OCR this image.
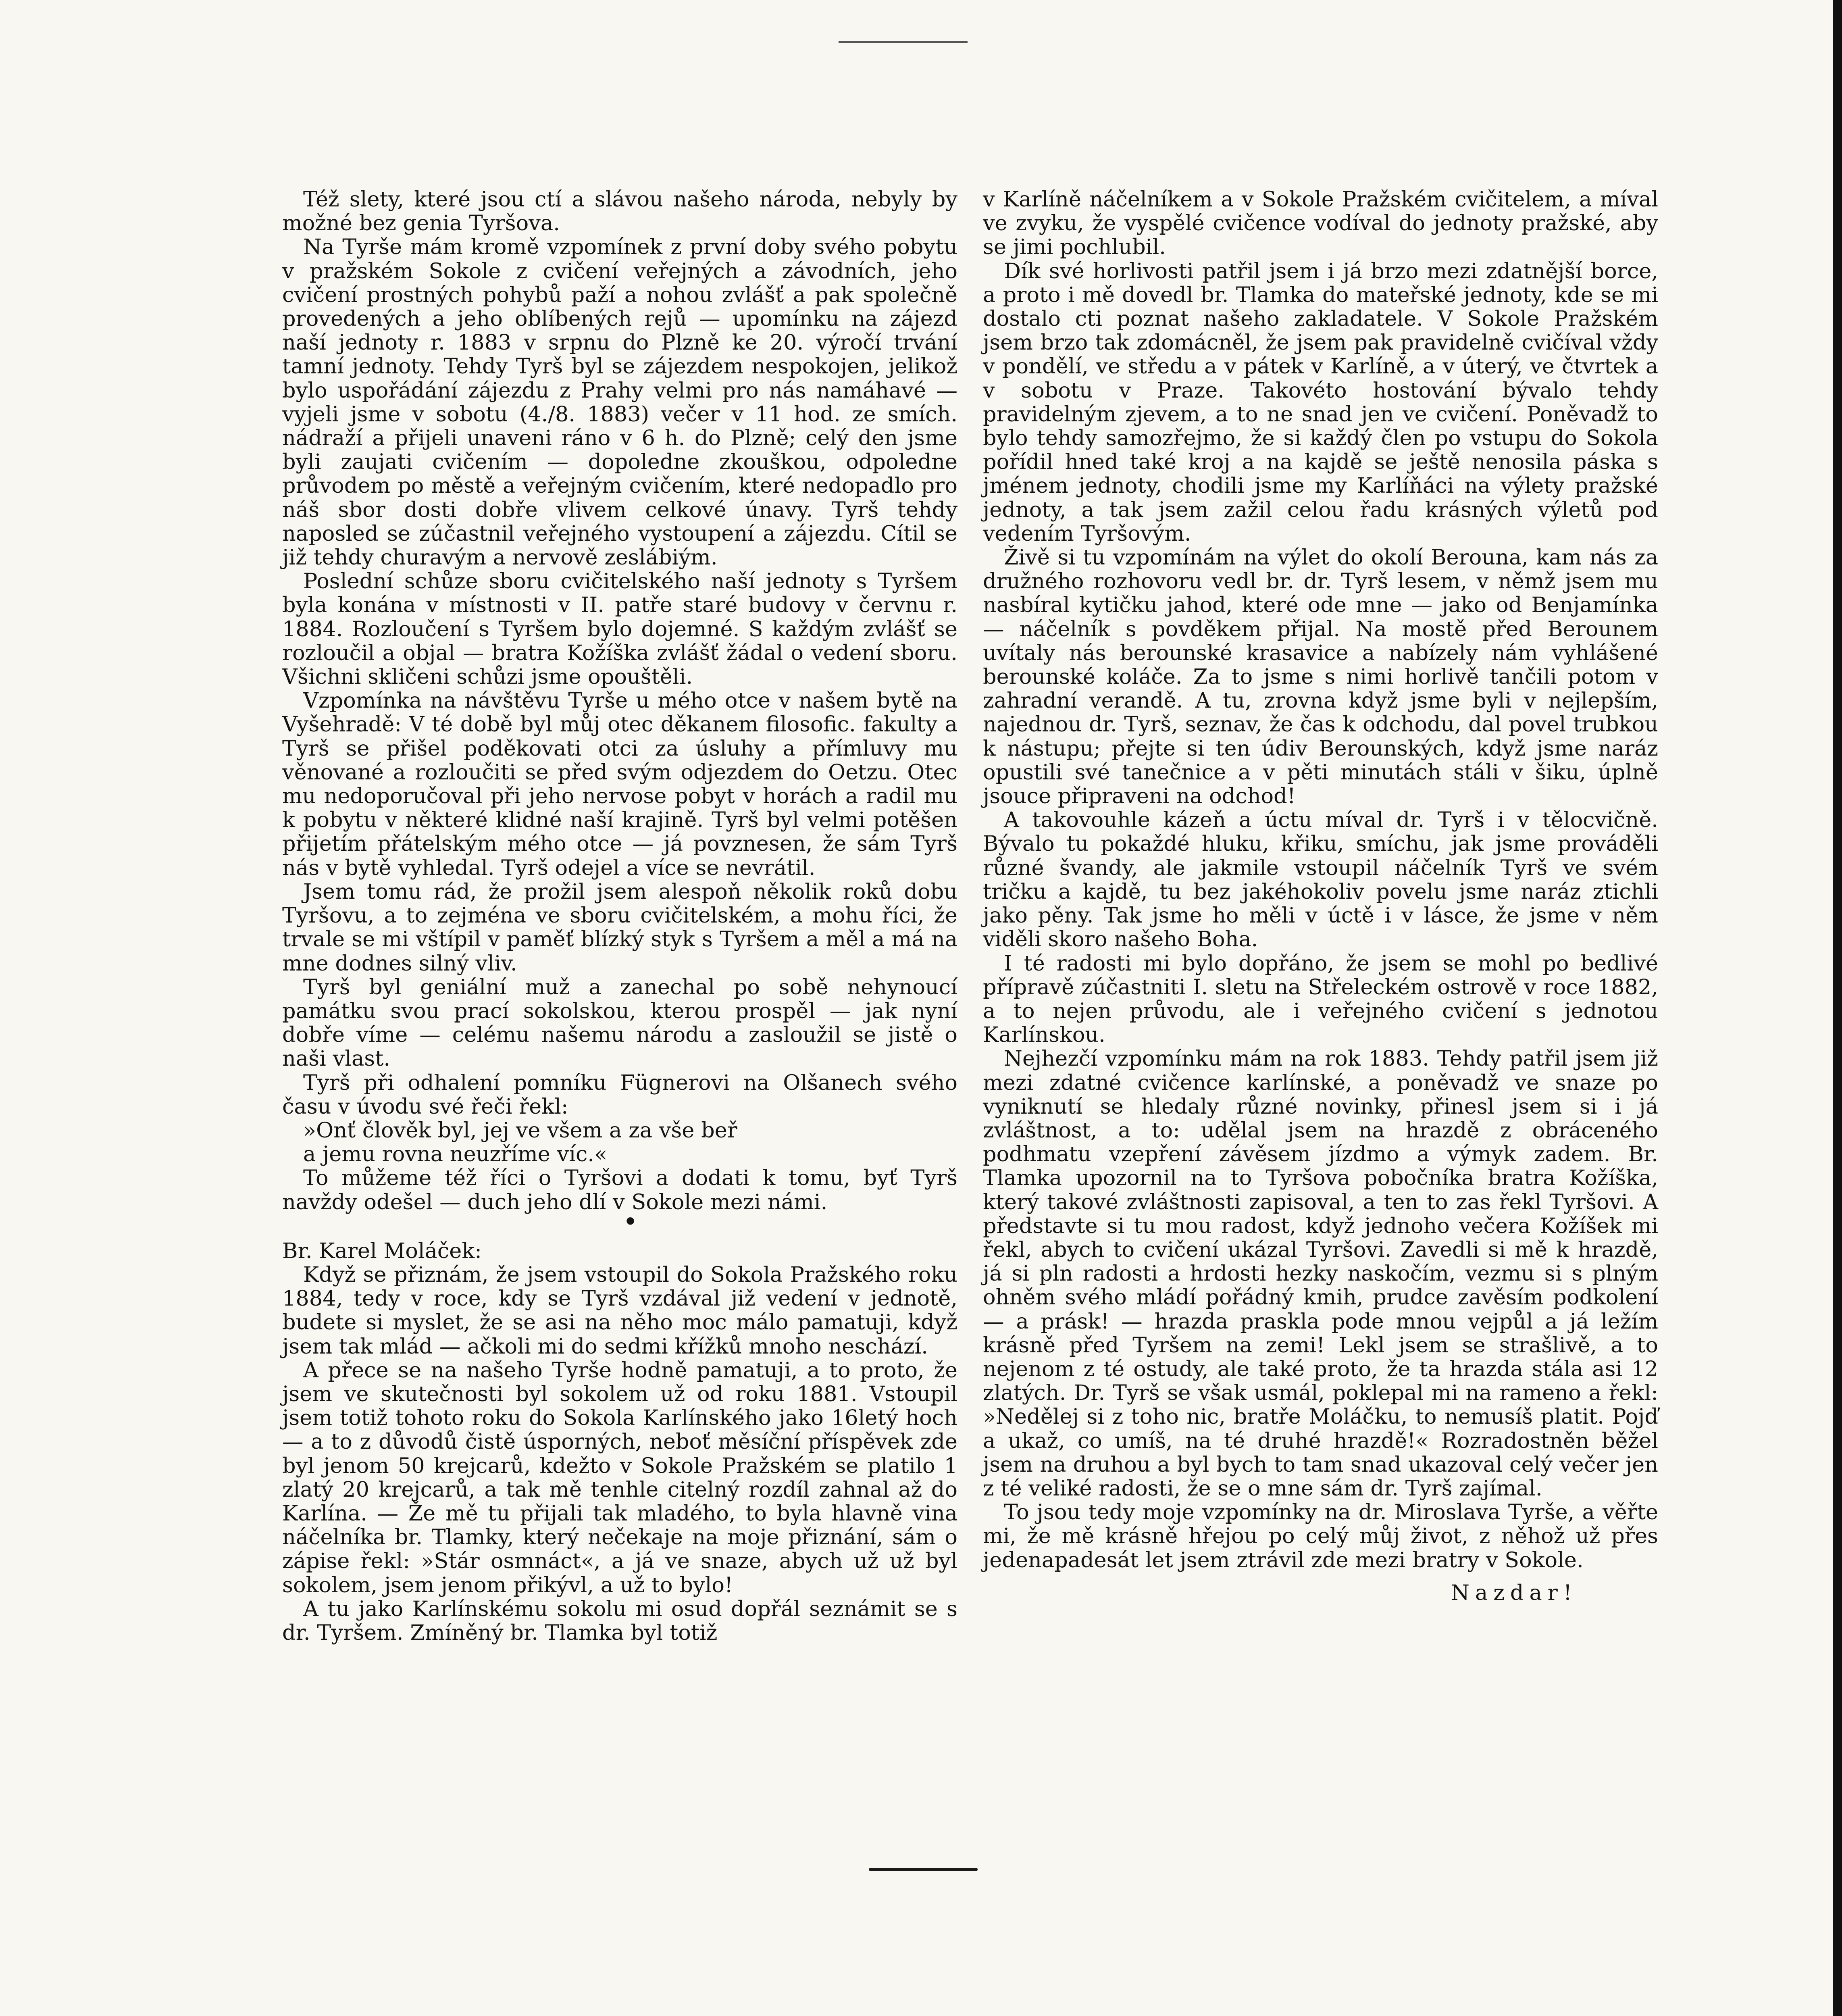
Též slety, které jsou ctí a slávou našeho národa, nebyly by možné bez genia Tyršova.

Na Tyrše mám kromě vzpomínek z první doby svého pobytu v pražském Sokole z cvičení veřejných a závodních, jeho cvičení prostných pohybů paží a nohou zvlášť a pak společně provedených a jeho oblíbených rejů — upomínku na zájezd naší jednoty r. 1883 v srpnu do Plzně ke 20. výročí trvání tamní jednoty. Tehdy Tyrš byl se zájezdem nespokojen, jelikož bylo uspořádání zájezdu z Prahy velmi pro nás namáhavé — vyjeli jsme v sobotu (4./8. 1883) večer v 11 hod. ze smích. nádraží a přijeli unaveni ráno v 6 h. do Plzně; celý den jsme byli zaujati cvičením — dopoledne zkouškou, odpoledne průvodem po městě a veřejným cvičením, které nedopadlo pro náš sbor dosti dobře vlivem celkové únavy. Tyrš tehdy naposled se zúčastnil veřejného vystoupení a zájezdu. Cítil se již tehdy churavým a nervově zeslábiým.

Poslední schůze sboru cvičitelského naší jednoty s Tyršem byla konána v místnosti v II. patře staré budovy v červnu r. 1884. Rozloučení s Tyršem bylo dojemné. S každým zvlášť se rozloučil a objal — bratra Kožíška zvlášť žádal o vedení sboru. Všichni skličeni schůzi jsme opouštěli.

Vzpomínka na návštěvu Tyrše u mého otce v našem bytě na Vyšehradě: V té době byl můj otec děkanem filosofic. fakulty a Tyrš se přišel poděkovati otci za úsluhy a přímluvy mu věnované a rozloučiti se před svým odjezdem do Oetzu. Otec mu nedoporučoval při jeho nervose pobyt v horách a radil mu k pobytu v některé klidné naší krajině. Tyrš byl velmi potěšen přijetím přátelským mého otce — já povznesen, že sám Tyrš nás v bytě vyhledal. Tyrš odejel a více se nevrátil.

Jsem tomu rád, že prožil jsem alespoň několik roků dobu Tyršovu, a to zejména ve sboru cvičitelském, a mohu říci, že trvale se mi vštípil v paměť blízký styk s Tyršem a měl a má na mne dodnes silný vliv.

Tyrš byl geniální muž a zanechal po sobě nehynoucí památku svou prací sokolskou, kterou prospěl — jak nyní dobře víme — celému našemu národu a zasloužil se jistě o naši vlast.

Tyrš při odhalení pomníku Fügnerovi na Olšanech svého času v úvodu své řeči řekl:

»Onť člověk byl, jej ve všem a za vše beř

a jemu rovna neuzříme víc.«

To můžeme též říci o Tyršovi a dodati k tomu, byť Tyrš navždy odešel — duch jeho dlí v Sokole mezi námi.

•

Br. Karel Moláček:

Když se přiznám, že jsem vstoupil do Sokola Pražského roku 1884, tedy v roce, kdy se Tyrš vzdával již vedení v jednotě, budete si myslet, že se asi na něho moc málo pamatuji, když jsem tak mlád — ačkoli mi do sedmi křížků mnoho neschází.

A přece se na našeho Tyrše hodně pamatuji, a to proto, že jsem ve skutečnosti byl sokolem už od roku 1881. Vstoupil jsem totiž tohoto roku do Sokola Karlínského jako 16letý hoch — a to z důvodů čistě úsporných, neboť měsíční příspěvek zde byl jenom 50 krejcarů, kdežto v Sokole Pražském se platilo 1 zlatý 20 krejcarů, a tak mě tenhle citelný rozdíl zahnal až do Karlína. — Že mě tu přijali tak mladého, to byla hlavně vina náčelníka br. Tlamky, který nečekaje na moje přiznání, sám o zápise řekl: »Stár osmnáct«, a já ve snaze, abych už už byl sokolem, jsem jenom přikývl, a už to bylo!

A tu jako Karlínskému sokolu mi osud dopřál seznámit se s dr. Tyršem. Zmíněný br. Tlamka byl totiž

v Karlíně náčelníkem a v Sokole Pražském cvičitelem, a míval ve zvyku, že vyspělé cvičence vodíval do jednoty pražské, aby se jimi pochlubil.

Dík své horlivosti patřil jsem i já brzo mezi zdatnější borce, a proto i mě dovedl br. Tlamka do mateřské jednoty, kde se mi dostalo cti poznat našeho zakladatele. V Sokole Pražském jsem brzo tak zdomácněl, že jsem pak pravidelně cvičíval vždy v pondělí, ve středu a v pátek v Karlíně, a v úterý, ve čtvrtek a v sobotu v Praze. Takovéto hostování bývalo tehdy pravidelným zjevem, a to ne snad jen ve cvičení. Poněvadž to bylo tehdy samozřejmo, že si každý člen po vstupu do Sokola pořídil hned také kroj a na kajdě se ještě nenosila páska s jménem jednoty, chodili jsme my Karlíňáci na výlety pražské jednoty, a tak jsem zažil celou řadu krásných výletů pod vedením Tyršovým.

Živě si tu vzpomínám na výlet do okolí Berouna, kam nás za družného rozhovoru vedl br. dr. Tyrš lesem, v němž jsem mu nasbíral kytičku jahod, které ode mne — jako od Benjamínka — náčelník s povděkem přijal. Na mostě před Berounem uvítaly nás berounské krasavice a nabízely nám vyhlášené berounské koláče. Za to jsme s nimi horlivě tančili potom v zahradní verandě. A tu, zrovna když jsme byli v nejlepším, najednou dr. Tyrš, seznav, že čas k odchodu, dal povel trubkou k nástupu; přejte si ten údiv Berounských, když jsme naráz opustili své tanečnice a v pěti minutách stáli v šiku, úplně jsouce připraveni na odchod!

A takovouhle kázeň a úctu míval dr. Tyrš i v tělocvičně. Bývalo tu pokaždé hluku, křiku, smíchu, jak jsme prováděli různé švandy, ale jakmile vstoupil náčelník Tyrš ve svém tričku a kajdě, tu bez jakéhokoliv povelu jsme naráz ztichli jako pěny. Tak jsme ho měli v úctě i v lásce, že jsme v něm viděli skoro našeho Boha.

I té radosti mi bylo dopřáno, že jsem se mohl po bedlivé přípravě zúčastniti I. sletu na Střeleckém ostrově v roce 1882, a to nejen průvodu, ale i veřejného cvičení s jednotou Karlínskou.

Nejhezčí vzpomínku mám na rok 1883. Tehdy patřil jsem již mezi zdatné cvičence karlínské, a poněvadž ve snaze po vyniknutí se hledaly různé novinky, přinesl jsem si i já zvláštnost, a to: udělal jsem na hrazdě z obráceného podhmatu vzepření závěsem jízdmo a výmyk zadem. Br. Tlamka upozornil na to Tyršova pobočníka bratra Kožíška, který takové zvláštnosti zapisoval, a ten to zas řekl Tyršovi. A představte si tu mou radost, když jednoho večera Kožíšek mi řekl, abych to cvičení ukázal Tyršovi. Zavedli si mě k hrazdě, já si pln radosti a hrdosti hezky naskočím, vezmu si s plným ohněm svého mládí pořádný kmih, prudce zavěsím podkolení — a prásk! — hrazda praskla pode mnou vejpůl a já ležím krásně před Tyršem na zemi! Lekl jsem se strašlivě, a to nejenom z té ostudy, ale také proto, že ta hrazda stála asi 12 zlatých. Dr. Tyrš se však usmál, poklepal mi na rameno a řekl: »Nedělej si z toho nic, bratře Moláčku, to nemusíš platit. Pojď a ukaž, co umíš, na té druhé hrazdě!« Rozradostněn běžel jsem na druhou a byl bych to tam snad ukazoval celý večer jen z té veliké radosti, že se o mne sám dr. Tyrš zajímal.

To jsou tedy moje vzpomínky na dr. Miroslava Tyrše, a věřte mi, že mě krásně hřejou po celý můj život, z něhož už přes jedenapadesát let jsem ztrávil zde mezi bratry v Sokole.

Nazdar!
